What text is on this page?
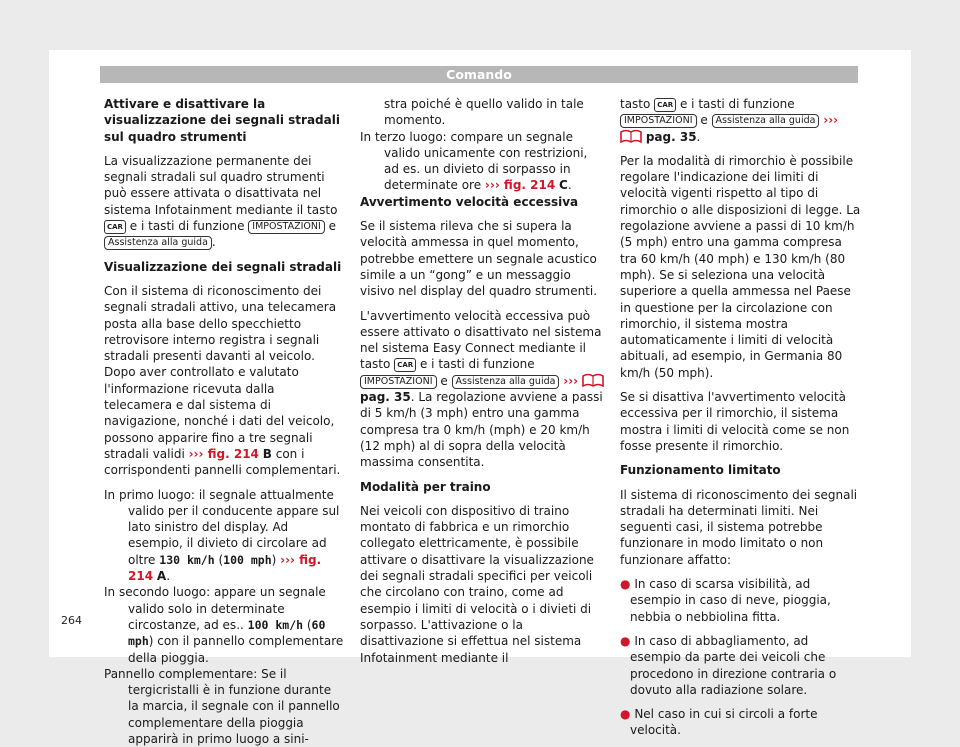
Comando

Attivare e disattivare la visualizzazione dei segnali stradali sul quadro strumenti

La visualizzazione permanente dei segnali stradali sul quadro strumenti può essere attivata o disattivata nel sistema Infotainment mediante il tasto CAR e i tasti di funzione IMPOSTAZIONI e Assistenza alla guida .

Visualizzazione dei segnali stradali

Con il sistema di riconoscimento dei segnali stradali attivo, una telecamera posta alla base dello specchietto retrovisore interno registra i segnali stradali presenti davanti al veicolo. Dopo aver controllato e valutato l'informazione ricevuta dalla telecamera e dal sistema di navigazione, nonché i dati del veicolo, possono apparire fino a tre segnali stradali validi ››› fig. 214 B con i corrispondenti pannelli complementari.

In primo luogo: il segnale attualmente valido per il conducente appare sul lato sinistro del display. Ad esempio, il divieto di circolare ad oltre 130 km/h (100 mph) ››› fig. 214 A.

In secondo luogo: appare un segnale valido solo in determinate circostanze, ad es.. 100 km/h (60 mph) con il pannello complementare della pioggia.

Pannello complementare: Se il tergicristalli è in funzione durante la marcia, il segnale con il pannello complementare della pioggia apparirà in primo luogo a sini-

stra poiché è quello valido in tale momento.

In terzo luogo: compare un segnale valido unicamente con restrizioni, ad es. un divieto di sorpasso in determinate ore ››› fig. 214 C.

Avvertimento velocità eccessiva

Se il sistema rileva che si supera la velocità ammessa in quel momento, potrebbe emettere un segnale acustico simile a un “gong” e un messaggio visivo nel display del quadro strumenti.

L'avvertimento velocità eccessiva può essere attivato o disattivato nel sistema nel sistema Easy Connect mediante il tasto CAR e i tasti di funzione IMPOSTAZIONI e Assistenza alla guida ›››  pag. 35. La regolazione avviene a passi di 5 km/h (3 mph) entro una gamma compresa tra 0 km/h (mph) e 20 km/h (12 mph) al di sopra della velocità massima consentita.

Modalità per traino

Nei veicoli con dispositivo di traino montato di fabbrica e un rimorchio collegato elettricamente, è possibile attivare o disattivare la visualizzazione dei segnali stradali specifici per veicoli che circolano con traino, come ad esempio i limiti di velocità o i divieti di sorpasso. L'attivazione o la disattivazione si effettua nel sistema Infotainment mediante il

tasto CAR e i tasti di funzione IMPOSTAZIONI e Assistenza alla guida ›››  pag. 35.

Per la modalità di rimorchio è possibile regolare l'indicazione dei limiti di velocità vigenti rispetto al tipo di rimorchio o alle disposizioni di legge. La regolazione avviene a passi di 10 km/h (5 mph) entro una gamma compresa tra 60 km/h (40 mph) e 130 km/h (80 mph). Se si seleziona una velocità superiore a quella ammessa nel Paese in questione per la circolazione con rimorchio, il sistema mostra automaticamente i limiti di velocità abituali, ad esempio, in Germania 80 km/h (50 mph).

Se si disattiva l'avvertimento velocità eccessiva per il rimorchio, il sistema mostra i limiti di velocità come se non fosse presente il rimorchio.

Funzionamento limitato

Il sistema di riconoscimento dei segnali stradali ha determinati limiti. Nei seguenti casi, il sistema potrebbe funzionare in modo limitato o non funzionare affatto:

● In caso di scarsa visibilità, ad esempio in caso di neve, pioggia, nebbia o nebbiolina fitta.

● In caso di abbagliamento, ad esempio da parte dei veicoli che procedono in direzione contraria o dovuto alla radiazione solare.

● Nel caso in cui si circoli a forte velocità.

264
